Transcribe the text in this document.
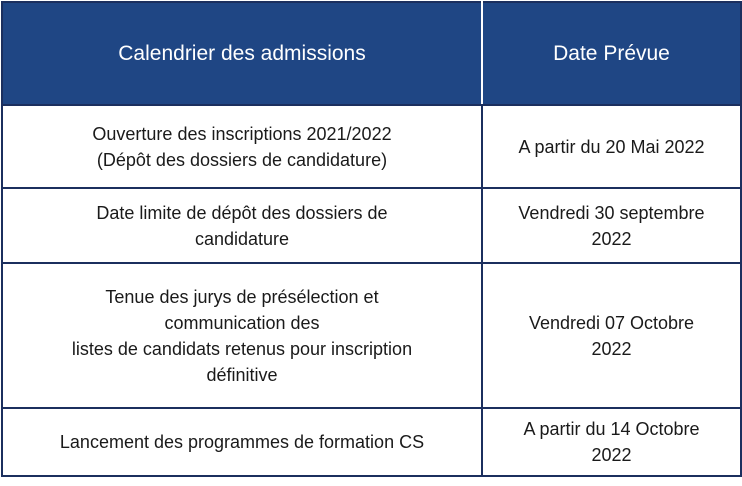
Calendrier des admissions	Date Prévue

Ouverture des inscriptions 2021/2022
(Dépôt des dossiers de candidature)	A partir du 20 Mai 2022

Date limite de dépôt des dossiers de
candidature	Vendredi 30 septembre
2022

Tenue des jurys de présélection et
communication des
listes de candidats retenus pour inscription
définitive	Vendredi 07 Octobre
2022

Lancement des programmes de formation CS	A partir du 14 Octobre
2022
